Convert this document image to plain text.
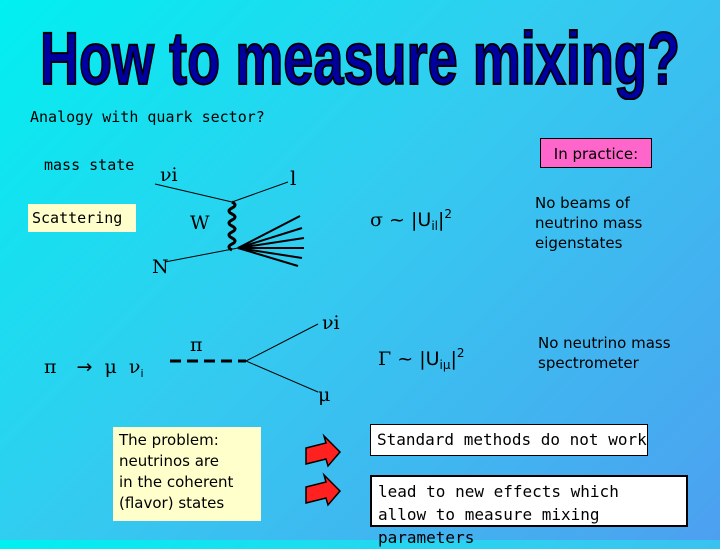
How to measure mixing?
Analogy with quark sector?
mass state
Scattering
νi	l
W
N
σ ~ $|U_{il}|^2$
In practice:
No beams of
neutrino mass
eigenstates
π → μ $\nu_i$
π
νi
μ
Γ ~ $|U_{i\mu}|^2$
No neutrino mass
spectrometer
The problem:
neutrinos are
in the coherent
(flavor) states
Standard methods do not work
lead to new effects which
allow to measure mixing parameters
